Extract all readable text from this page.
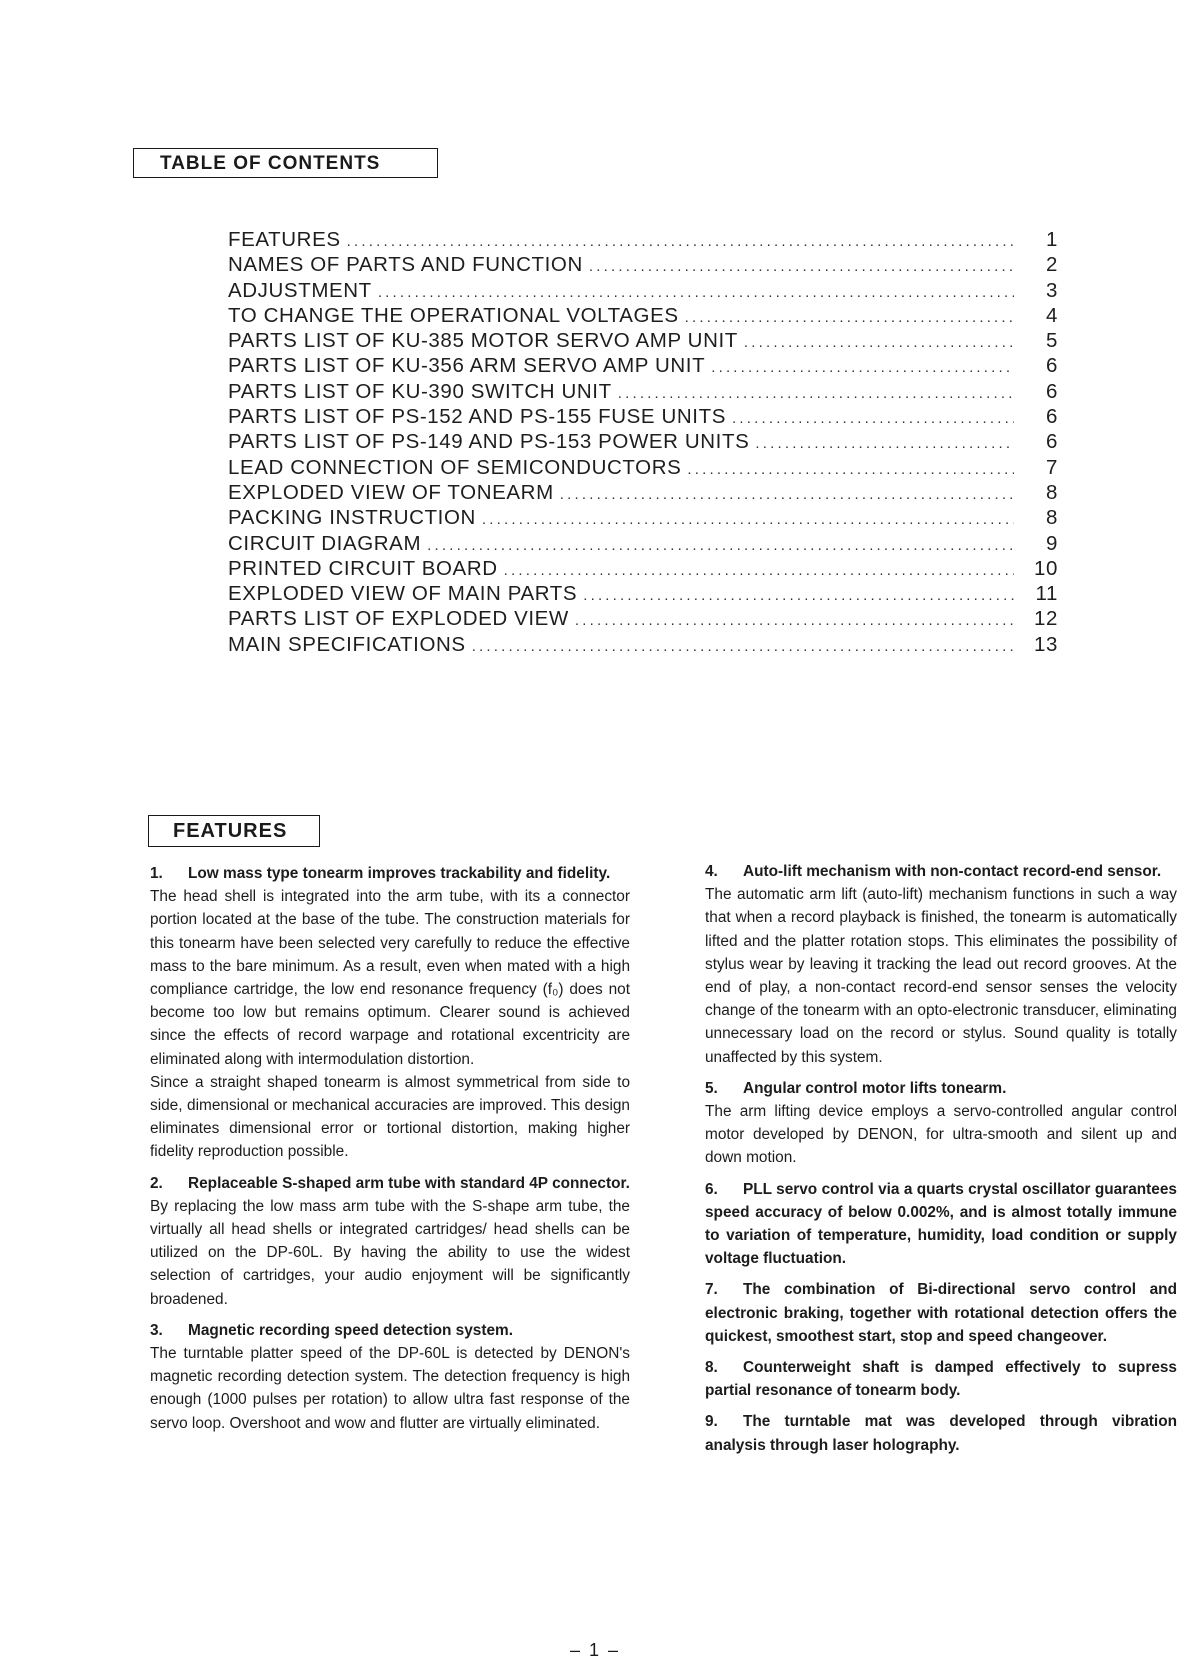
TABLE OF CONTENTS
FEATURES .....	1
NAMES OF PARTS AND FUNCTION .....	2
ADJUSTMENT .....	3
TO CHANGE THE OPERATIONAL VOLTAGES .....	4
PARTS LIST OF KU-385 MOTOR SERVO AMP UNIT .....	5
PARTS LIST OF KU-356 ARM SERVO AMP UNIT .....	6
PARTS LIST OF KU-390 SWITCH UNIT .....	6
PARTS LIST OF PS-152 AND PS-155 FUSE UNITS .....	6
PARTS LIST OF PS-149 AND PS-153 POWER UNITS .....	6
LEAD CONNECTION OF SEMICONDUCTORS .....	7
EXPLODED VIEW OF TONEARM .....	8
PACKING INSTRUCTION .....	8
CIRCUIT DIAGRAM .....	9
PRINTED CIRCUIT BOARD .....	10
EXPLODED VIEW OF MAIN PARTS .....	11
PARTS LIST OF EXPLODED VIEW .....	12
MAIN SPECIFICATIONS .....	13
FEATURES
1.	Low mass type tonearm improves trackability and fidelity.

The head shell is integrated into the arm tube, with its a connector portion located at the base of the tube. The construction materials for this tonearm have been selected very carefully to reduce the effective mass to the bare minimum. As a result, even when mated with a high compliance cartridge, the low end resonance frequency (f₀) does not become too low but remains optimum. Clearer sound is achieved since the effects of record warpage and rotational excentricity are eliminated along with intermodulation distortion.

Since a straight shaped tonearm is almost symmetrical from side to side, dimensional or mechanical accuracies are improved. This design eliminates dimensional error or tortional distortion, making higher fidelity reproduction possible.

2.	Replaceable S-shaped arm tube with standard 4P connector.

By replacing the low mass arm tube with the S-shape arm tube, the virtually all head shells or integrated cartridges/ head shells can be utilized on the DP-60L. By having the ability to use the widest selection of cartridges, your audio enjoyment will be significantly broadened.

3.	Magnetic recording speed detection system.

The turntable platter speed of the DP-60L is detected by DENON's magnetic recording detection system. The detection frequency is high enough (1000 pulses per rotation) to allow ultra fast response of the servo loop. Overshoot and wow and flutter are virtually eliminated.

4.	Auto-lift mechanism with non-contact record-end sensor.

The automatic arm lift (auto-lift) mechanism functions in such a way that when a record playback is finished, the tonearm is automatically lifted and the platter rotation stops. This eliminates the possibility of stylus wear by leaving it tracking the lead out record grooves. At the end of play, a non-contact record-end sensor senses the velocity change of the tonearm with an opto-electronic transducer, eliminating unnecessary load on the record or stylus. Sound quality is totally unaffected by this system.

5.	Angular control motor lifts tonearm.

The arm lifting device employs a servo-controlled angular control motor developed by DENON, for ultra-smooth and silent up and down motion.

6. PLL servo control via a quarts crystal oscillator guarantees speed accuracy of below 0.002%, and is almost totally immune to variation of temperature, humidity, load condition or supply voltage fluctuation.
7. The combination of Bi-directional servo control and electronic braking, together with rotational detection offers the quickest, smoothest start, stop and speed changeover.
8. Counterweight shaft is damped effectively to supress partial resonance of tonearm body.
9. The turntable mat was developed through vibration analysis through laser holography.
– 1 –
